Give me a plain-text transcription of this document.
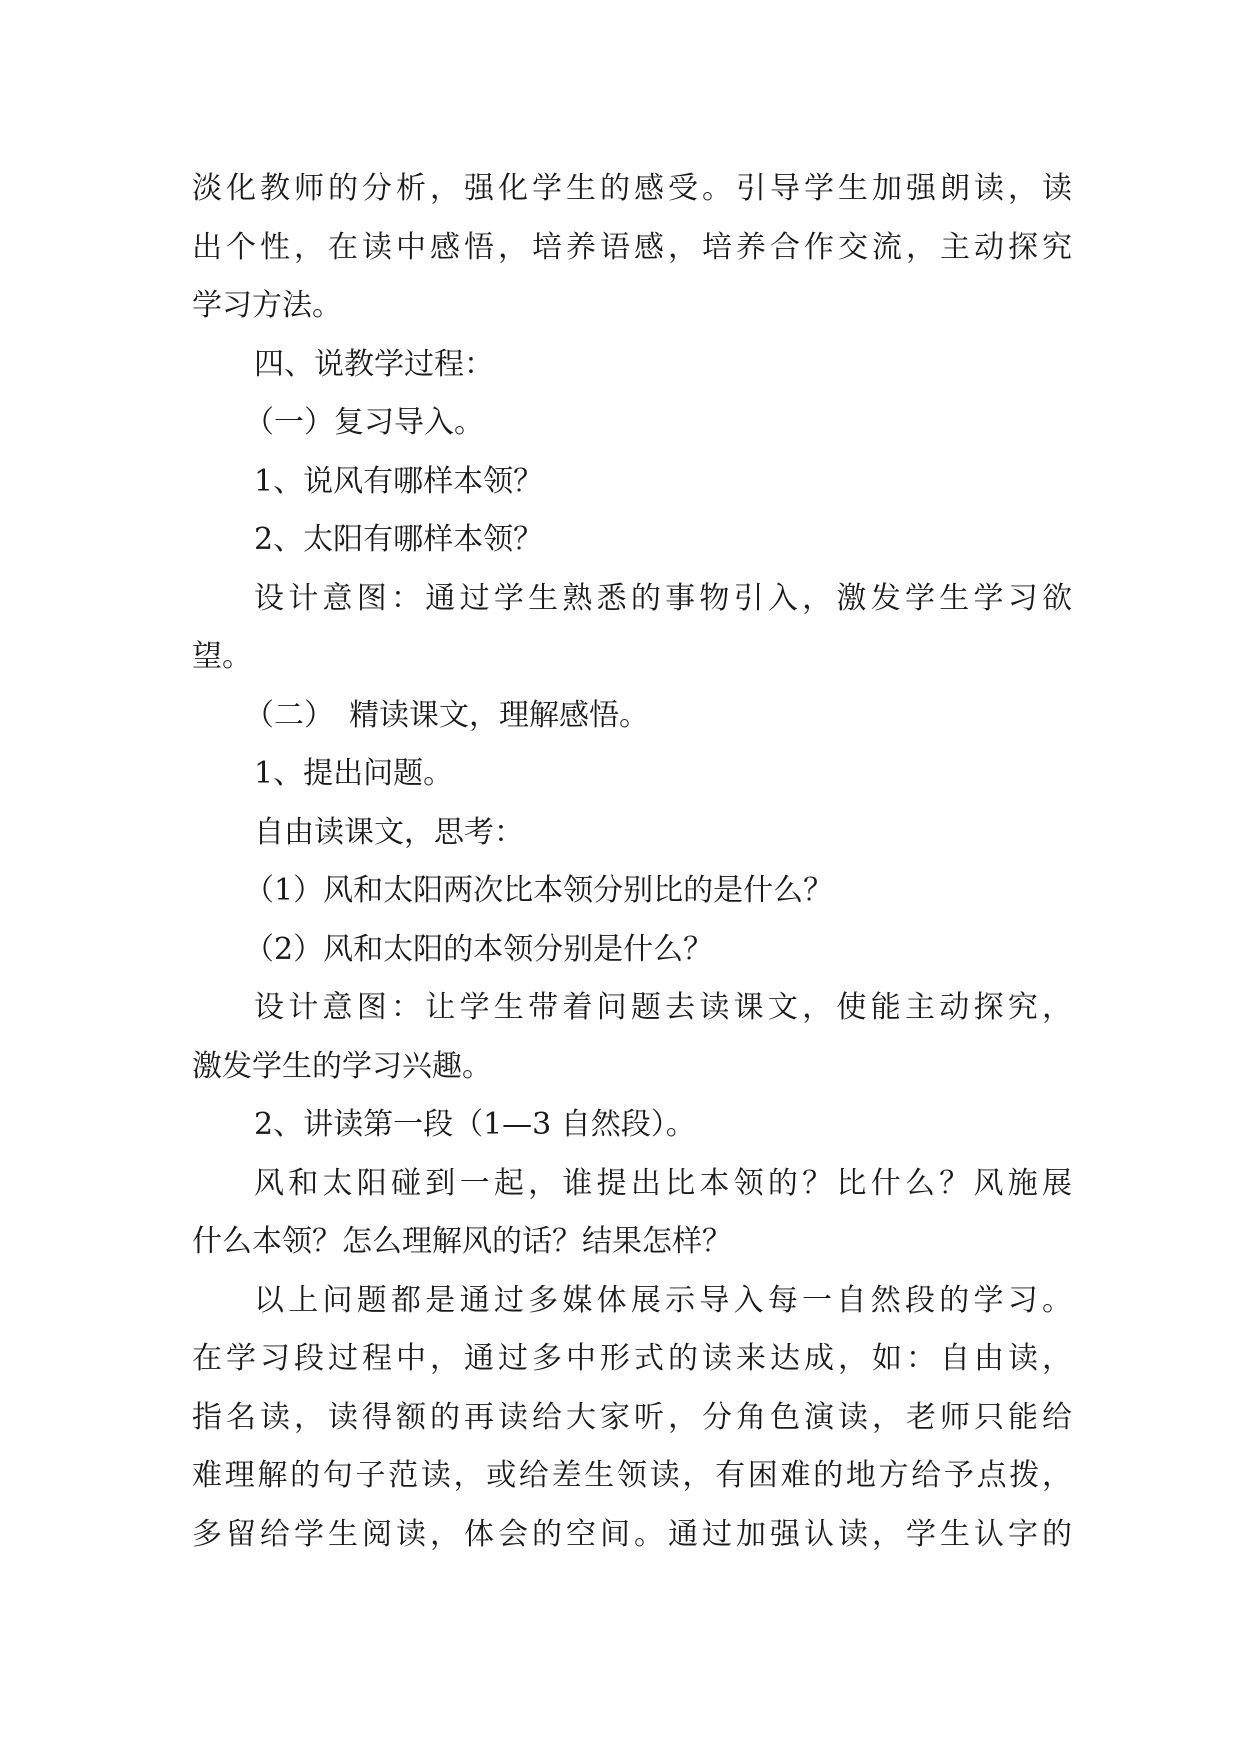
淡化教师的分析，强化学生的感受。引导学生加强朗读，读
出个性，在读中感悟，培养语感，培养合作交流，主动探究
学习方法。
四、说教学过程：
（一）复习导入。
1、说风有哪样本领？
2、太阳有哪样本领？
设计意图：通过学生熟悉的事物引入，激发学生学习欲
望。
（二）　精读课文，理解感悟。
1、提出问题。
自由读课文，思考：
（1）风和太阳两次比本领分别比的是什么？
（2）风和太阳的本领分别是什么？
设计意图：让学生带着问题去读课文，使能主动探究，
激发学生的学习兴趣。
2、讲读第一段（1—3 自然段）。
风和太阳碰到一起，谁提出比本领的？比什么？风施展
什么本领？怎么理解风的话？结果怎样？
以上问题都是通过多媒体展示导入每一自然段的学习。
在学习段过程中，通过多中形式的读来达成，如：自由读，
指名读，读得额的再读给大家听，分角色演读，老师只能给
难理解的句子范读，或给差生领读，有困难的地方给予点拨，
多留给学生阅读，体会的空间。通过加强认读，学生认字的
